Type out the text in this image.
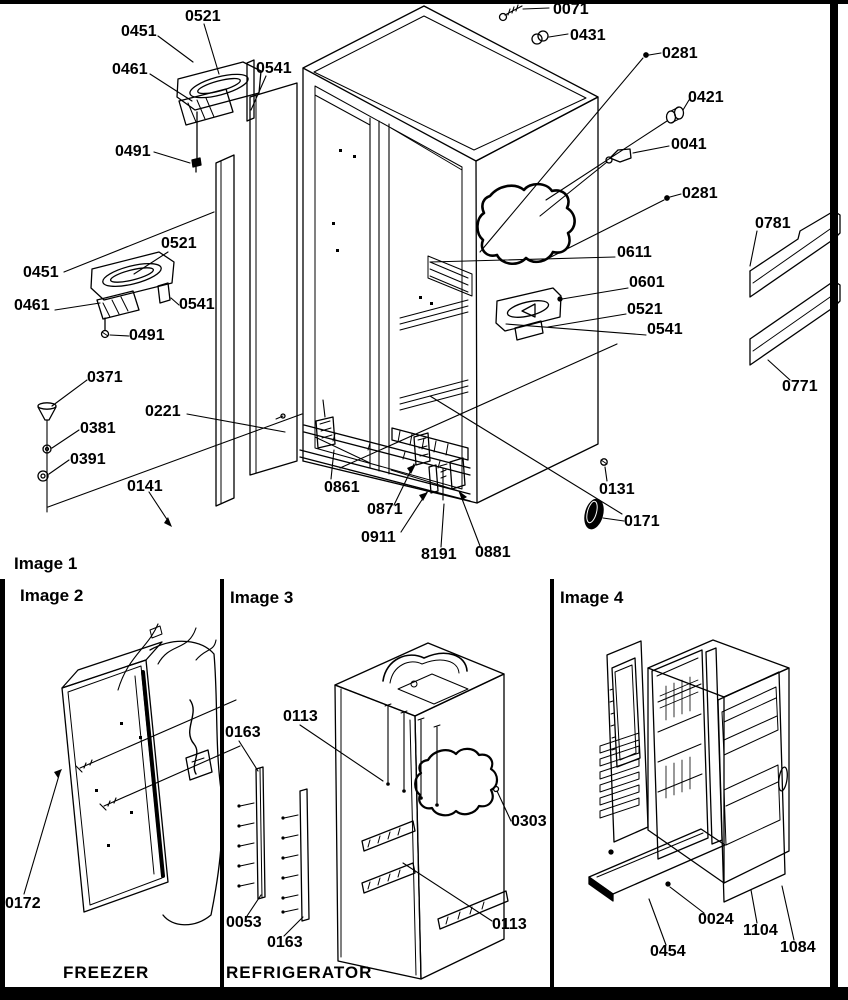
0521
0451
0461	0541
0491
0071
0431
0281
0421
0041
0281
0781
0611
0601
0521
0541
0771
0521
0451
0461	0541
0491
0371
0381
0391
0221
0141	0861
0871
0911
8191 0881
0131
0171
Image 1
Image 2
0172
FREEZER
Image 3
0113
0163
0303
0053
0163
0113
REFRIGERATOR
Image 4
0454
0024
1104
1084
